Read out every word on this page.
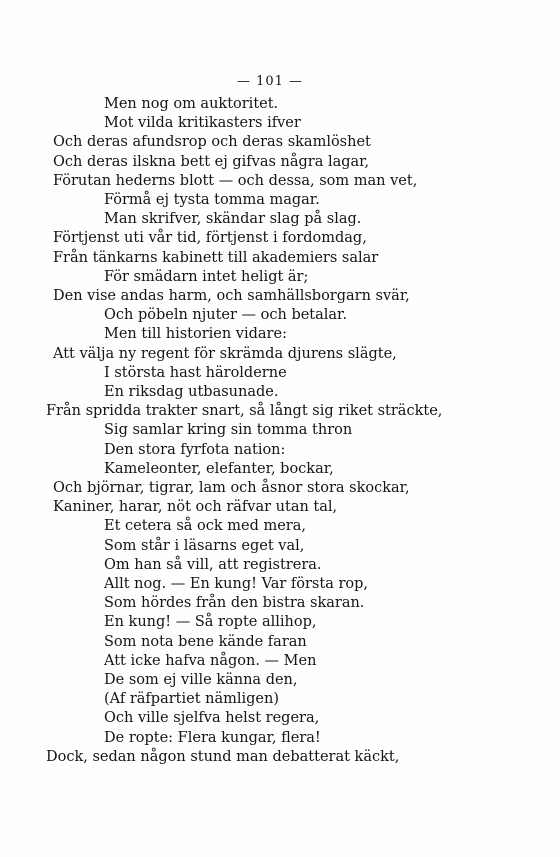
— 101 —
Men nog om auktoritet.
Mot vilda kritikasters ifver
Och deras afundsrop och deras skamlöshet
Och deras ilskna bett ej gifvas några lagar,
Förutan hederns blott — och dessa, som man vet,
Förmå ej tysta tomma magar.
Man skrifver, skändar slag på slag.
Förtjenst uti vår tid, förtjenst i fordomdag,
Från tänkarns kabinett till akademiers salar
För smädarn intet heligt är;
Den vise andas harm, och samhällsborgarn svär,
Och pöbeln njuter — och betalar.
Men till historien vidare:
Att välja ny regent för skrämda djurens slägte,
I största hast härolderne
En riksdag utbasunade.
Från spridda trakter snart, så långt sig riket sträckte,
Sig samlar kring sin tomma thron
Den stora fyrfota nation:
Kameleonter, elefanter, bockar,
Och björnar, tigrar, lam och åsnor stora skockar,
Kaniner, harar, nöt och räfvar utan tal,
Et cetera så ock med mera,
Som står i läsarns eget val,
Om han så vill, att registrera.
Allt nog. — En kung! Var första rop,
Som hördes från den bistra skaran.
En kung! — Så ropte allihop,
Som nota bene kände faran
Att icke hafva någon. — Men
De som ej ville känna den,
(Af räfpartiet nämligen)
Och ville sjelfva helst regera,
De ropte: Flera kungar, flera!
Dock, sedan någon stund man debatterat käckt,
